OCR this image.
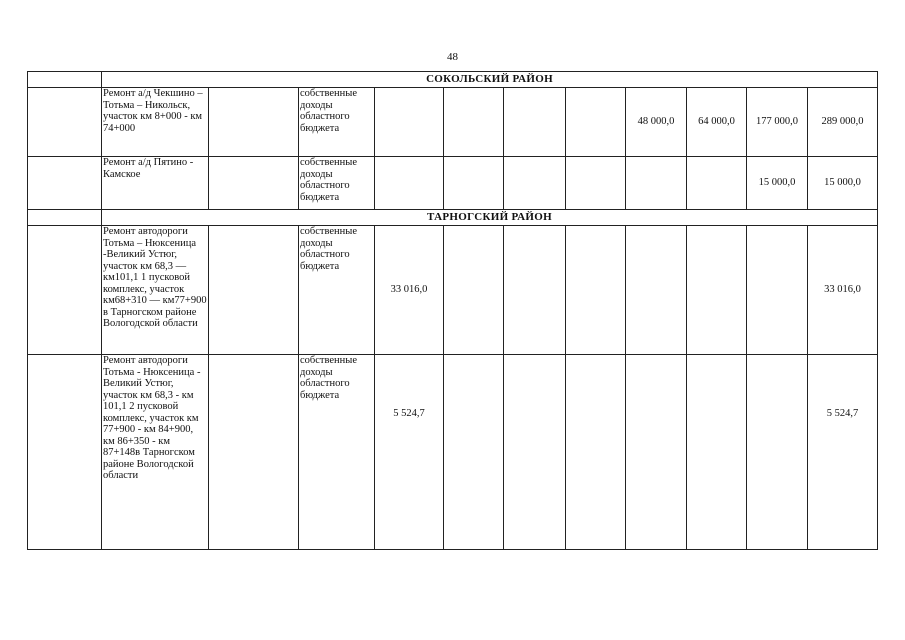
48
	СОКОЛЬСКИЙ РАЙОН										
	Ремонт а/д Чекшино – Тотьма – Никольск, участок км 8+000 - км 74+000		собственные доходы областного бюджета					48 000,0	64 000,0	177 000,0	289 000,0
	Ремонт а/д Пятино - Камское		собственные доходы областного бюджета							15 000,0	15 000,0
	ТАРНОГСКИЙ РАЙОН										
	Ремонт автодороги Тотьма – Нюксеница -Великий Устюг, участок км 68,3 — км101,1 1 пусковой комплекс, участок км68+310 — км77+900 в Тарногском районе Вологодской области		собственные доходы областного бюджета	33 016,0							33 016,0
	Ремонт автодороги Тотьма - Нюксеница - Великий Устюг, участок км 68,3 - км 101,1 2 пусковой комплекс, участок км 77+900 - км 84+900, км 86+350 - км 87+148в Тарногском районе Вологодской области		собственные доходы областного бюджета	5 524,7							5 524,7
